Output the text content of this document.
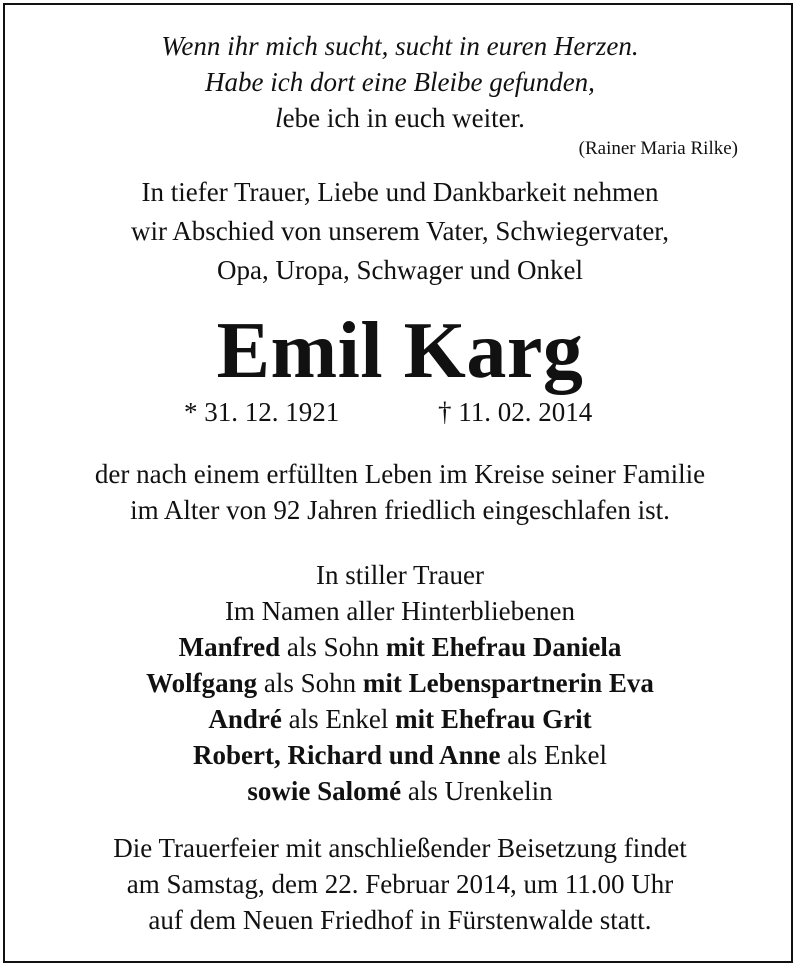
Wenn ihr mich sucht, sucht in euren Herzen.
Habe ich dort eine Bleibe gefunden,
lebe ich in euch weiter.
(Rainer Maria Rilke)
In tiefer Trauer, Liebe und Dankbarkeit nehmen
wir Abschied von unserem Vater, Schwiegervater,
Opa, Uropa, Schwager und Onkel
Emil Karg
* 31. 12. 1921	† 11. 02. 2014
der nach einem erfüllten Leben im Kreise seiner Familie
im Alter von 92 Jahren friedlich eingeschlafen ist.
In stiller Trauer
Im Namen aller Hinterbliebenen
Manfred als Sohn mit Ehefrau Daniela
Wolfgang als Sohn mit Lebenspartnerin Eva
André als Enkel mit Ehefrau Grit
Robert, Richard und Anne als Enkel
sowie Salomé als Urenkelin
Die Trauerfeier mit anschließender Beisetzung findet
am Samstag, dem 22. Februar 2014, um 11.00 Uhr
auf dem Neuen Friedhof in Fürstenwalde statt.
